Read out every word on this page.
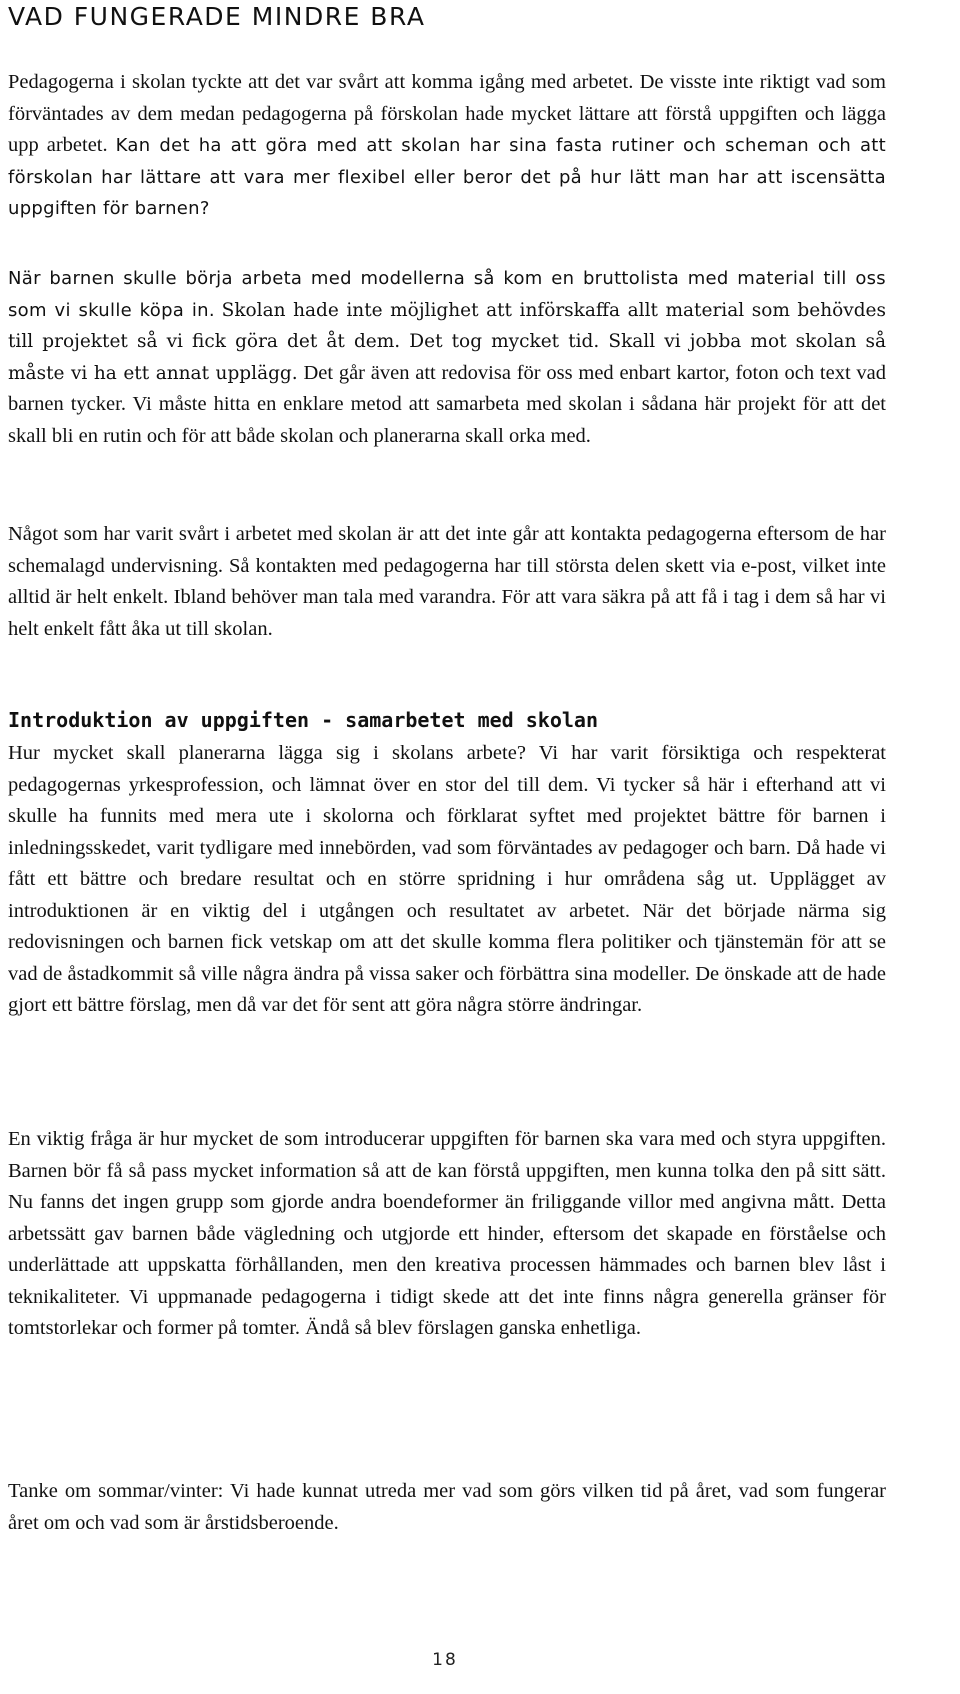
VAD FUNGERADE MINDRE BRA

Pedagogerna i skolan tyckte att det var svårt att komma igång med arbetet. De visste inte riktigt vad som förväntades av dem medan pedagogerna på förskolan hade mycket lättare att förstå uppgiften och lägga upp arbetet. Kan det ha att göra med att skolan har sina fasta rutiner och scheman och att förskolan har lättare att vara mer flexibel eller beror det på hur lätt man har att iscensätta uppgiften för barnen?

När barnen skulle börja arbeta med modellerna så kom en bruttolista med material till oss som vi skulle köpa in. Skolan hade inte möjlighet att införskaffa allt material som behövdes till projektet så vi fick göra det åt dem. Det tog mycket tid. Skall vi jobba mot skolan så måste vi ha ett annat upplägg. Det går även att redovisa för oss med enbart kartor, foton och text vad barnen tycker. Vi måste hitta en enklare metod att samarbeta med skolan i sådana här projekt för att det skall bli en rutin och för att både skolan och planerarna skall orka med.

Något som har varit svårt i arbetet med skolan är att det inte går att kontakta pedagogerna eftersom de har schemalagd undervisning. Så kontakten med pedagogerna har till största delen skett via e-post, vilket inte alltid är helt enkelt. Ibland behöver man tala med varandra. För att vara säkra på att få i tag i dem så har vi helt enkelt fått åka ut till skolan.

Introduktion av uppgiften - samarbetet med skolan

Hur mycket skall planerarna lägga sig i skolans arbete? Vi har varit försiktiga och respekterat pedagogernas yrkesprofession, och lämnat över en stor del till dem. Vi tycker så här i efterhand att vi skulle ha funnits med mera ute i skolorna och förklarat syftet med projektet bättre för barnen i inledningsskedet, varit tydligare med innebörden, vad som förväntades av pedagoger och barn. Då hade vi fått ett bättre och bredare resultat och en större spridning i hur områdena såg ut. Upplägget av introduktionen är en viktig del i utgången och resultatet av arbetet. När det började närma sig redovisningen och barnen fick vetskap om att det skulle komma flera politiker och tjänstemän för att se vad de åstadkommit så ville några ändra på vissa saker och förbättra sina modeller. De önskade att de hade gjort ett bättre förslag, men då var det för sent att göra några större ändringar.

En viktig fråga är hur mycket de som introducerar uppgiften för barnen ska vara med och styra uppgiften. Barnen bör få så pass mycket information så att de kan förstå uppgiften, men kunna tolka den på sitt sätt. Nu fanns det ingen grupp som gjorde andra boendeformer än friliggande villor med angivna mått. Detta arbetssätt gav barnen både vägledning och utgjorde ett hinder, eftersom det skapade en förståelse och underlättade att uppskatta förhållanden, men den kreativa processen hämmades och barnen blev låst i teknikaliteter. Vi uppmanade pedagogerna i tidigt skede att det inte finns några generella gränser för tomtstorlekar och former på tomter. Ändå så blev förslagen ganska enhetliga.

Tanke om sommar/vinter: Vi hade kunnat utreda mer vad som görs vilken tid på året, vad som fungerar året om och vad som är årstidsberoende.

18
